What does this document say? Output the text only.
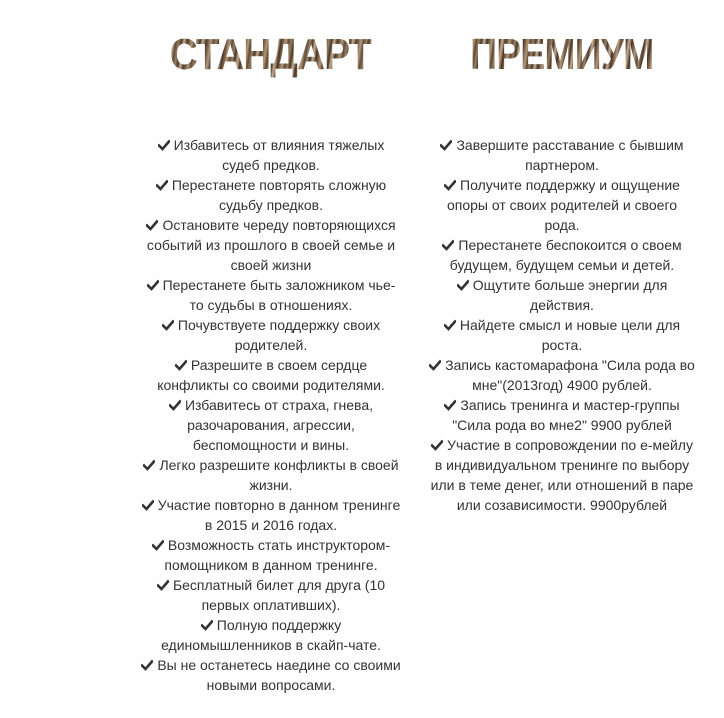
СТАНДАРТ
Избавитесь от влияния тяжелых судеб предков.
Перестанете повторять сложную судьбу предков.
Остановите череду повторяющихся событий из прошлого в своей семье и своей жизни
Перестанете быть заложником чье-то судьбы в отношениях.
Почувствуете поддержку своих родителей.
Разрешите в своем сердце конфликты со своими родителями.
Избавитесь от страха, гнева, разочарования, агрессии, беспомощности и вины.
Легко разрешите конфликты в своей жизни.
Участие повторно в данном тренинге в 2015 и 2016 годах.
Возможность стать инструктором-помощником в данном тренинге.
Бесплатный билет для друга (10 первых оплативших).
Полную поддержку единомышленников в скайп-чате.
Вы не останетесь наедине со своими новыми вопросами.
ПРЕМИУМ
Завершите расставание с бывшим партнером.
Получите поддержку и ощущение опоры от своих родителей и своего рода.
Перестанете беспокоится о своем будущем, будущем семьи и детей.
Ощутите больше энергии для действия.
Найдете смысл и новые цели для роста.
Запись кастомарафона "Сила рода во мне"(2013год) 4900 рублей.
Запись тренинга и мастер-группы "Сила рода во мне2" 9900 рублей
Участие в сопровождении по е-мейлу в индивидуальном тренинге по выбору или в теме денег, или отношений в паре или созависимости. 9900рублей
